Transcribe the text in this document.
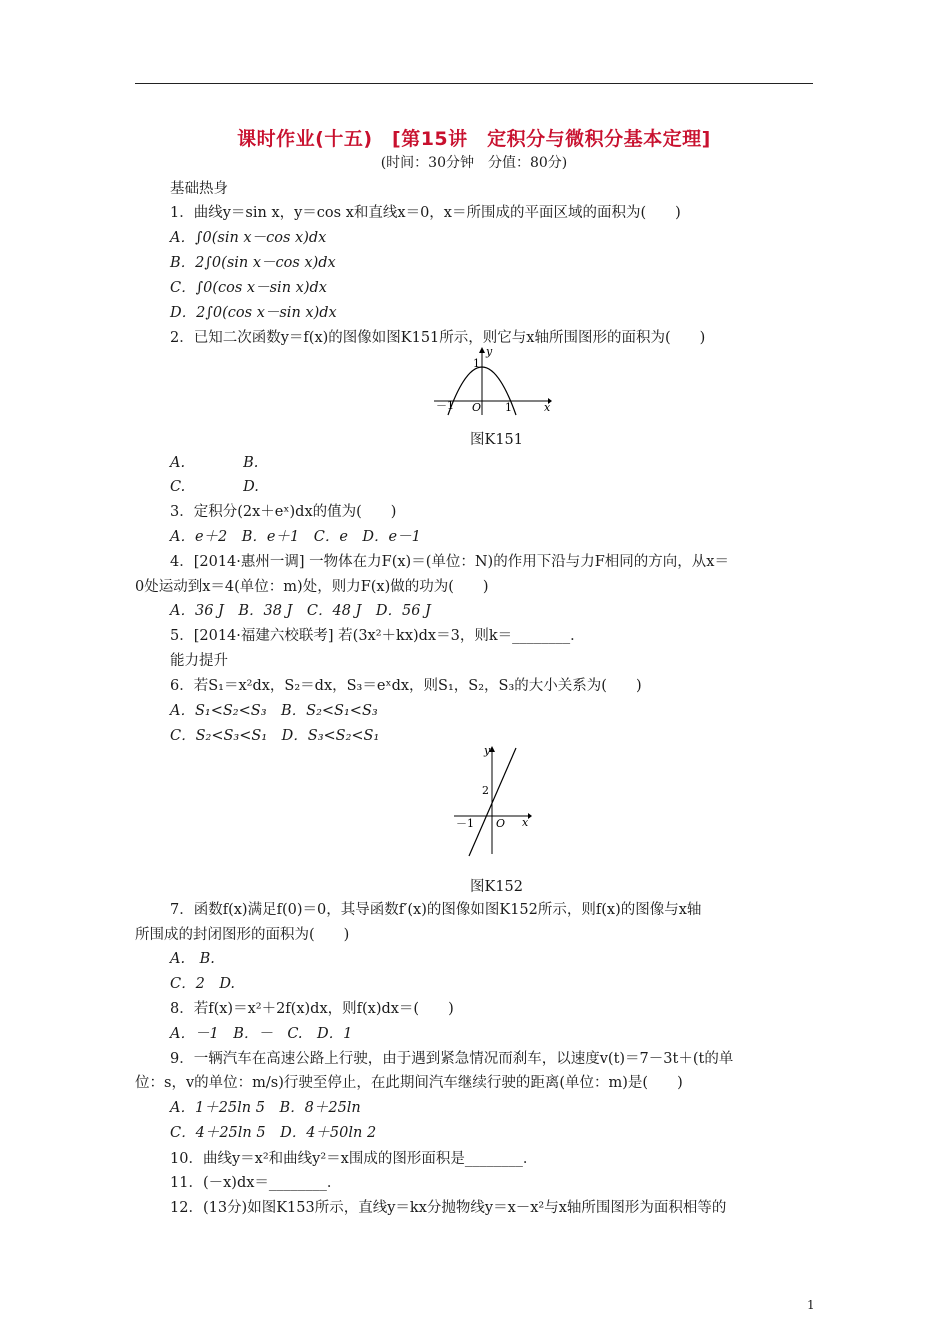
课时作业(十五)　[第15讲　定积分与微积分基本定理]
(时间：30分钟　分值：80分)
基础热身
1．曲线y＝sin x，y＝cos x和直线x＝0，x＝所围成的平面区域的面积为(　　)
A．∫0(sin x－cos x)dx
B．2∫0(sin x－cos x)dx
C．∫0(cos x－sin x)dx
D．2∫0(cos x－sin x)dx
2．已知二次函数y＝f(x)的图像如图K151所示，则它与x轴所围图形的面积为(　　)
y
x
1
－1 O 1
图K151
A.　　　　B.
C.　　　　D.
3．定积分(2x＋eˣ)dx的值为(　　)
A．e＋2　B．e＋1　C．e　D．e－1
4．[2014·惠州一调] 一物体在力F(x)＝(单位：N)的作用下沿与力F相同的方向，从x＝
0处运动到x＝4(单位：m)处，则力F(x)做的功为(　　)
A．36 J　B．38 J　C．48 J　D．56 J
5．[2014·福建六校联考] 若(3x²＋kx)dx＝3，则k＝________．
能力提升
6．若S₁＝x²dx，S₂＝dx，S₃＝eˣdx，则S₁，S₂，S₃的大小关系为(　　)
A．S₁<S₂<S₃　B．S₂<S₁<S₃
C．S₂<S₃<S₁　D．S₃<S₂<S₁
y
x
2
－1 O
图K152
7．函数f(x)满足f(0)＝0，其导函数f′(x)的图像如图K152所示，则f(x)的图像与x轴
所围成的封闭图形的面积为(　　)
A.　B.
C．2　D.
8．若f(x)＝x²＋2f(x)dx，则f(x)dx＝(　　)
A．－1　B．－　C.　D．1
9．一辆汽车在高速公路上行驶，由于遇到紧急情况而刹车，以速度v(t)＝7－3t＋(t的单
位：s，v的单位：m/s)行驶至停止，在此期间汽车继续行驶的距离(单位：m)是(　　)
A．1＋25ln 5　B．8＋25ln
C．4＋25ln 5　D．4＋50ln 2
10．曲线y＝x²和曲线y²＝x围成的图形面积是________．
11．(－x)dx＝________．
12．(13分)如图K153所示，直线y＝kx分抛物线y＝x－x²与x轴所围图形为面积相等的
1
